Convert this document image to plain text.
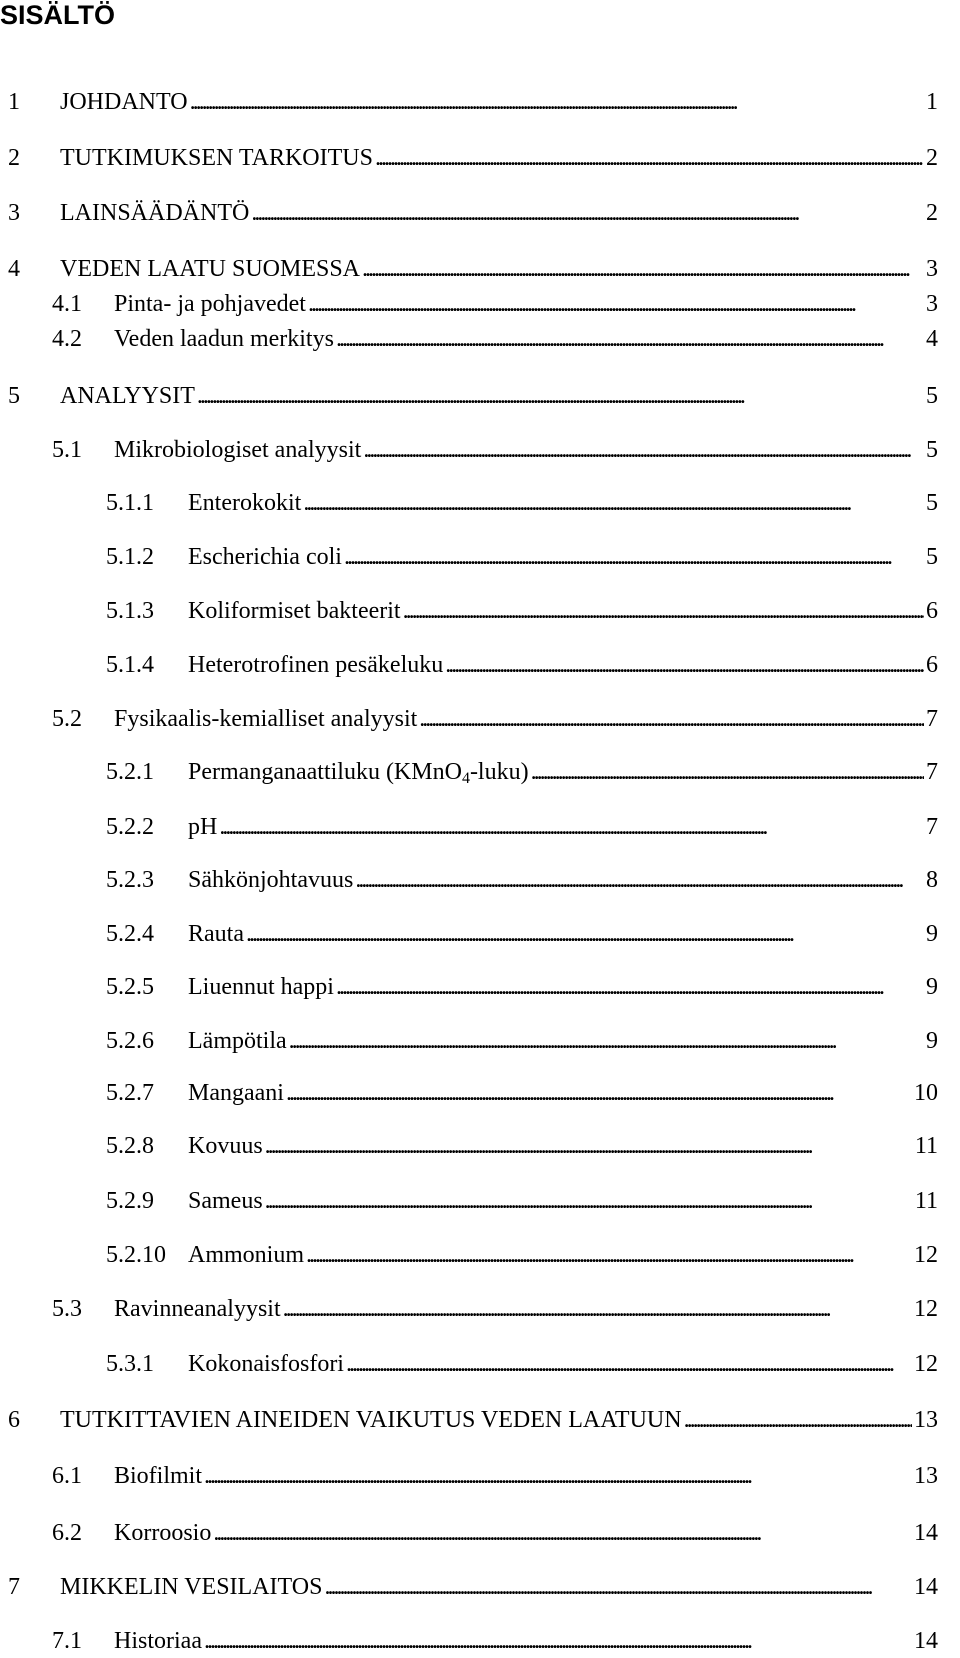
SISÄLTÖ
1	JOHDANTO . . .	1
2	TUTKIMUKSEN TARKOITUS . . .	2
3	LAINSÄÄDÄNTÖ . . .	2
4	VEDEN LAATU SUOMESSA . . .	3
4.1	Pinta- ja pohjavedet . . .	3
4.2	Veden laadun merkitys . . .	4
5	ANALYYSIT . . .	5
5.1	Mikrobiologiset analyysit . . .	5
5.1.1	Enterokokit . . .	5
5.1.2	Escherichia coli . . .	5
5.1.3	Koliformiset bakteerit . . .	6
5.1.4	Heterotrofinen pesäkeluku . . .	6
5.2	Fysikaalis-kemialliset analyysit . . .	7
5.2.1	Permanganaattiluku (KMnO$_4$-luku) . . .	7
5.2.2	pH . . .	7
5.2.3	Sähkönjohtavuus . . .	8
5.2.4	Rauta . . .	9
5.2.5	Liuennut happi . . .	9
5.2.6	Lämpötila . . .	9
5.2.7	Mangaani . . .	10
5.2.8	Kovuus . . .	11
5.2.9	Sameus . . .	11
5.2.10 Ammonium . . .	12
5.3	Ravinneanalyysit . . .	12
5.3.1	Kokonaisfosfori . . .	12
6	TUTKITTAVIEN AINEIDEN VAIKUTUS VEDEN LAATUUN . . .	13
6.1	Biofilmit . . .	13
6.2	Korroosio . . .	14
7	MIKKELIN VESILAITOS . . .	14
7.1	Historiaa . . .	14
